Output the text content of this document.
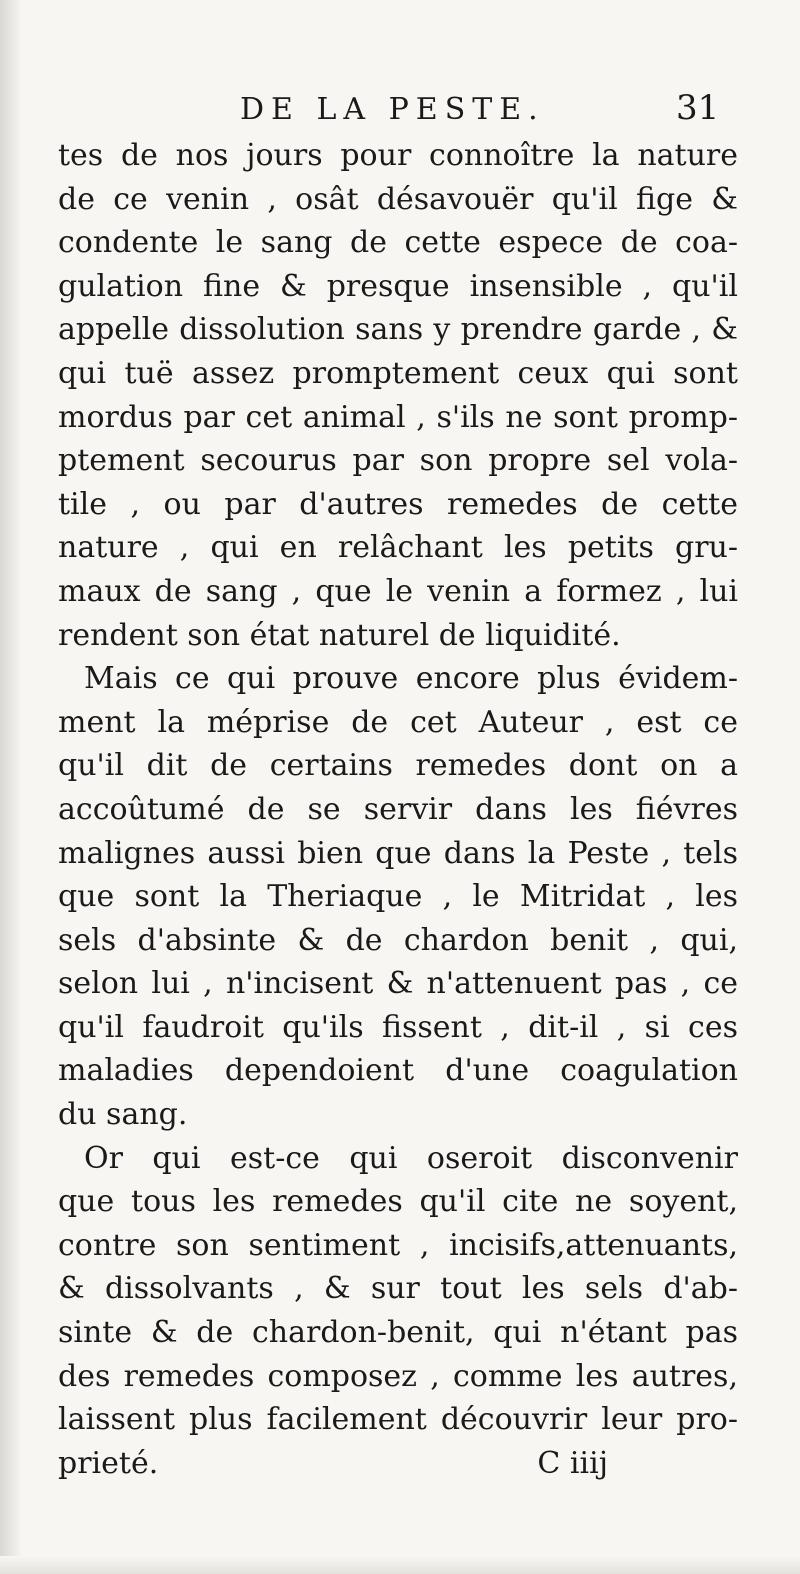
DE LA PESTE.	31
tes de nos jours pour connoître la nature
de ce venin , osât désavouër qu'il fige &
condente le sang de cette espece de coa-
gulation fine & presque insensible , qu'il
appelle dissolution sans y prendre garde , &
qui tuë assez promptement ceux qui sont
mordus par cet animal , s'ils ne sont promp-
ptement secourus par son propre sel vola-
tile , ou par d'autres remedes de cette
nature , qui en relâchant les petits gru-
maux de sang , que le venin a formez , lui
rendent son état naturel de liquidité.
Mais ce qui prouve encore plus évidem-
ment la méprise de cet Auteur , est ce
qu'il dit de certains remedes dont on a
accoûtumé de se servir dans les fiévres
malignes aussi bien que dans la Peste , tels
que sont la Theriaque , le Mitridat , les
sels d'absinte & de chardon benit , qui,
selon lui , n'incisent & n'attenuent pas , ce
qu'il faudroit qu'ils fissent , dit-il , si ces
maladies dependoient d'une coagulation
du sang.
Or qui est-ce qui oseroit disconvenir
que tous les remedes qu'il cite ne soyent,
contre son sentiment , incisifs,attenuants,
& dissolvants , & sur tout les sels d'ab-
sinte & de chardon-benit, qui n'étant pas
des remedes composez , comme les autres,
laissent plus facilement découvrir leur pro-
prieté.	C iiij
